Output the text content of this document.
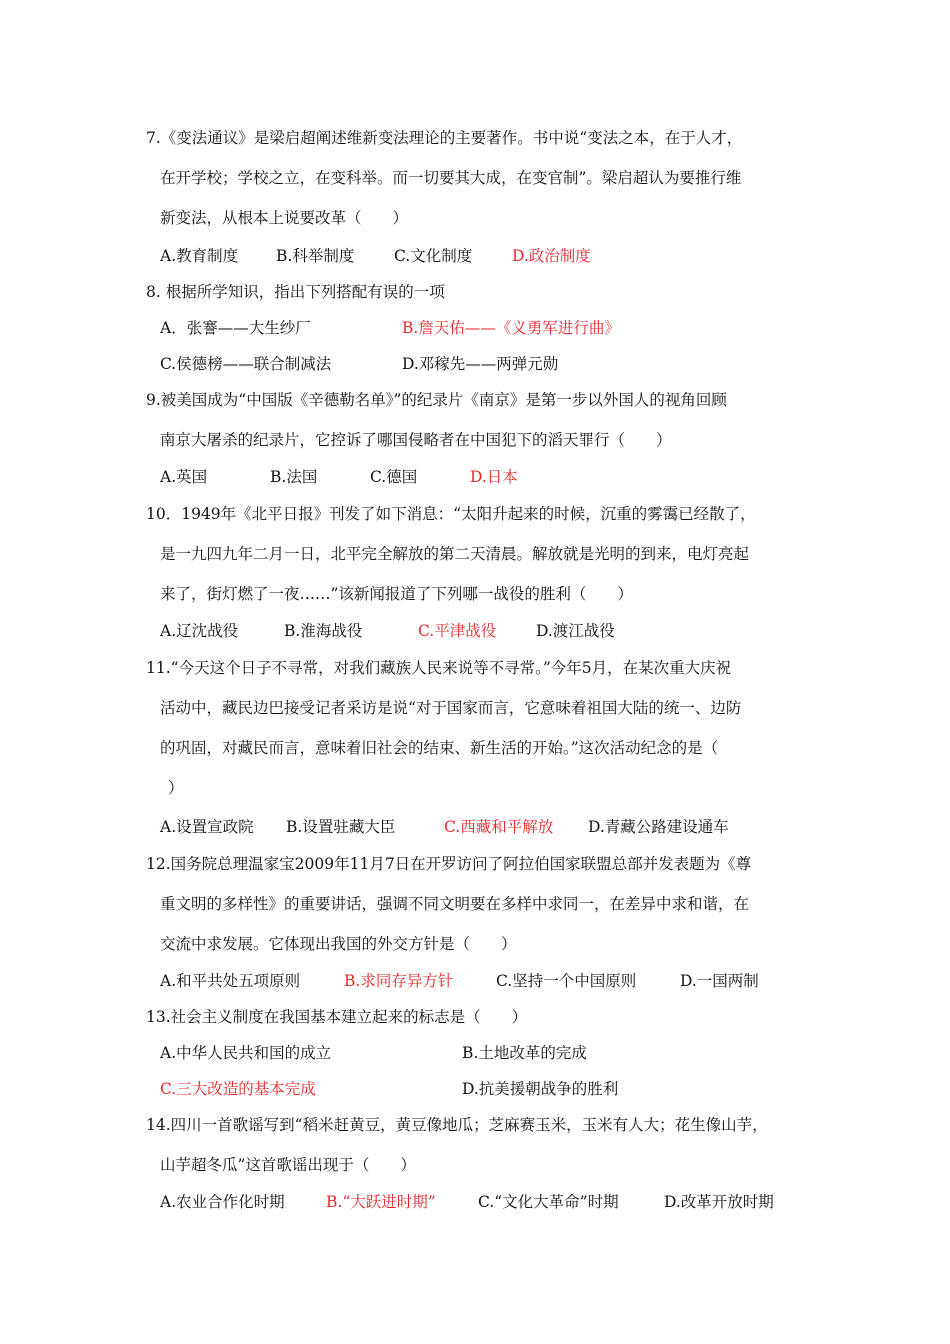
7.《变法通议》是梁启超阐述维新变法理论的主要著作。书中说“变法之本，在于人才，
在开学校；学校之立，在变科举。而一切要其大成，在变官制”。梁启超认为要推行维
新变法，从根本上说要改革（　　）
A.教育制度 B.科举制度	C.文化制度	D.政治制度
8. 根据所学知识，指出下列搭配有误的一项
A．张謇——大生纱厂	B.詹天佑——《义勇军进行曲》
C.侯德榜——联合制减法	D.邓稼先——两弹元勋
9.被美国成为“中国版《辛德勒名单》”的纪录片《南京》是第一步以外国人的视角回顾
南京大屠杀的纪录片，它控诉了哪国侵略者在中国犯下的滔天罪行（　　）
A.英国	B.法国	C.德国	D.日本
10．1949年《北平日报》刊发了如下消息：“太阳升起来的时候，沉重的雾霭已经散了，
是一九四九年二月一日，北平完全解放的第二天清晨。解放就是光明的到来，电灯亮起
来了，街灯燃了一夜……”该新闻报道了下列哪一战役的胜利（　　）
A.辽沈战役	B.淮海战役	C.平津战役	D.渡江战役
11.“今天这个日子不寻常，对我们藏族人民来说等不寻常。”今年5月，在某次重大庆祝
活动中，藏民边巴接受记者采访是说“对于国家而言，它意味着祖国大陆的统一、边防
的巩固，对藏民而言，意味着旧社会的结束、新生活的开始。”这次活动纪念的是（
）
A.设置宣政院 B.设置驻藏大臣	C.西藏和平解放 D.青藏公路建设通车
12.国务院总理温家宝2009年11月7日在开罗访问了阿拉伯国家联盟总部并发表题为《尊
重文明的多样性》的重要讲话，强调不同文明要在多样中求同一，在差异中求和谐，在
交流中求发展。它体现出我国的外交方针是（　　）
A.和平共处五项原则	B.求同存异方针	C.坚持一个中国原则	D.一国两制
13.社会主义制度在我国基本建立起来的标志是（　　）
A.中华人民共和国的成立	B.土地改革的完成
C.三大改造的基本完成	D.抗美援朝战争的胜利
14.四川一首歌谣写到“稻米赶黄豆，黄豆像地瓜；芝麻赛玉米，玉米有人大；花生像山芋，
山芋超冬瓜”这首歌谣出现于（　　）
A.农业合作化时期	B.“大跃进时期”	C.“文化大革命”时期	D.改革开放时期
